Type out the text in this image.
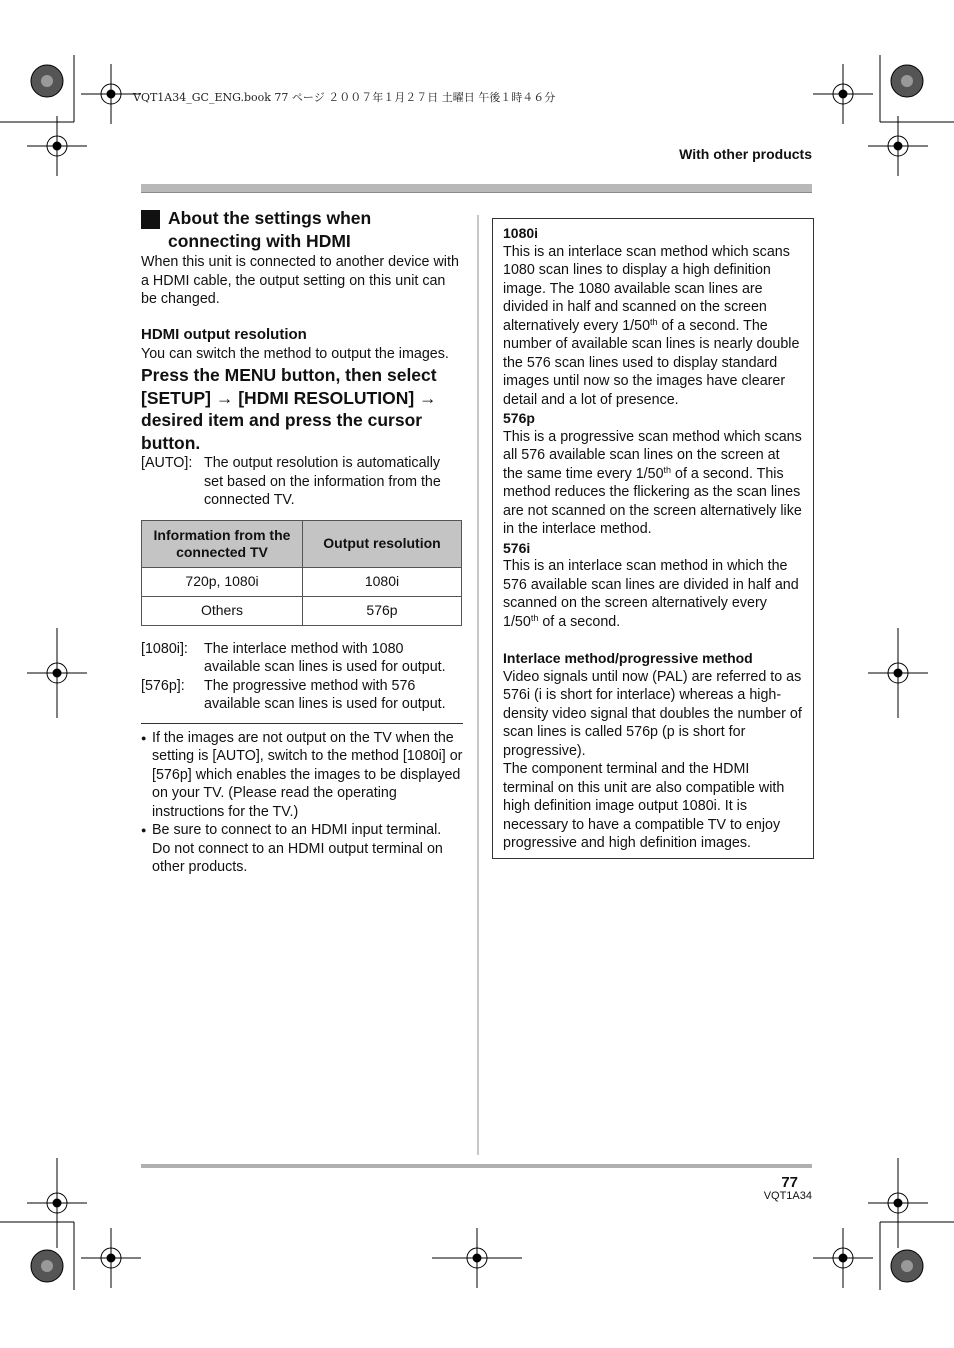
VQT1A34_GC_ENG.book 77 ページ ２００７年１月２７日 土曜日 午後１時４６分
With other products
About the settings when
connecting with HDMI
When this unit is connected to another device with a HDMI cable, the output setting on this unit can be changed.
HDMI output resolution
You can switch the method to output the images.
Press the MENU button, then select [SETUP] → [HDMI RESOLUTION] → desired item and press the cursor button.
[AUTO]: The output resolution is automatically set based on the information from the connected TV.
Information from the connected TV	Output resolution
720p, 1080i	1080i
Others	576p
[1080i]:	The interlace method with 1080 available scan lines is used for output.
[576p]:	The progressive method with 576 available scan lines is used for output.
● If the images are not output on the TV when the setting is [AUTO], switch to the method [1080i] or [576p] which enables the images to be displayed on your TV. (Please read the operating instructions for the TV.)
● Be sure to connect to an HDMI input terminal. Do not connect to an HDMI output terminal on other products.
1080i
This is an interlace scan method which scans 1080 scan lines to display a high definition image. The 1080 available scan lines are divided in half and scanned on the screen alternatively every 1/50th of a second. The number of available scan lines is nearly double the 576 scan lines used to display standard images until now so the images have clearer detail and a lot of presence.
576p
This is a progressive scan method which scans all 576 available scan lines on the screen at the same time every 1/50th of a second. This method reduces the flickering as the scan lines are not scanned on the screen alternatively like in the interlace method.
576i
This is an interlace scan method in which the 576 available scan lines are divided in half and scanned on the screen alternatively every 1/50th of a second.
Interlace method/progressive method
Video signals until now (PAL) are referred to as 576i (i is short for interlace) whereas a high-density video signal that doubles the number of scan lines is called 576p (p is short for progressive).
The component terminal and the HDMI terminal on this unit are also compatible with high definition image output 1080i. It is necessary to have a compatible TV to enjoy progressive and high definition images.
77
VQT1A34
